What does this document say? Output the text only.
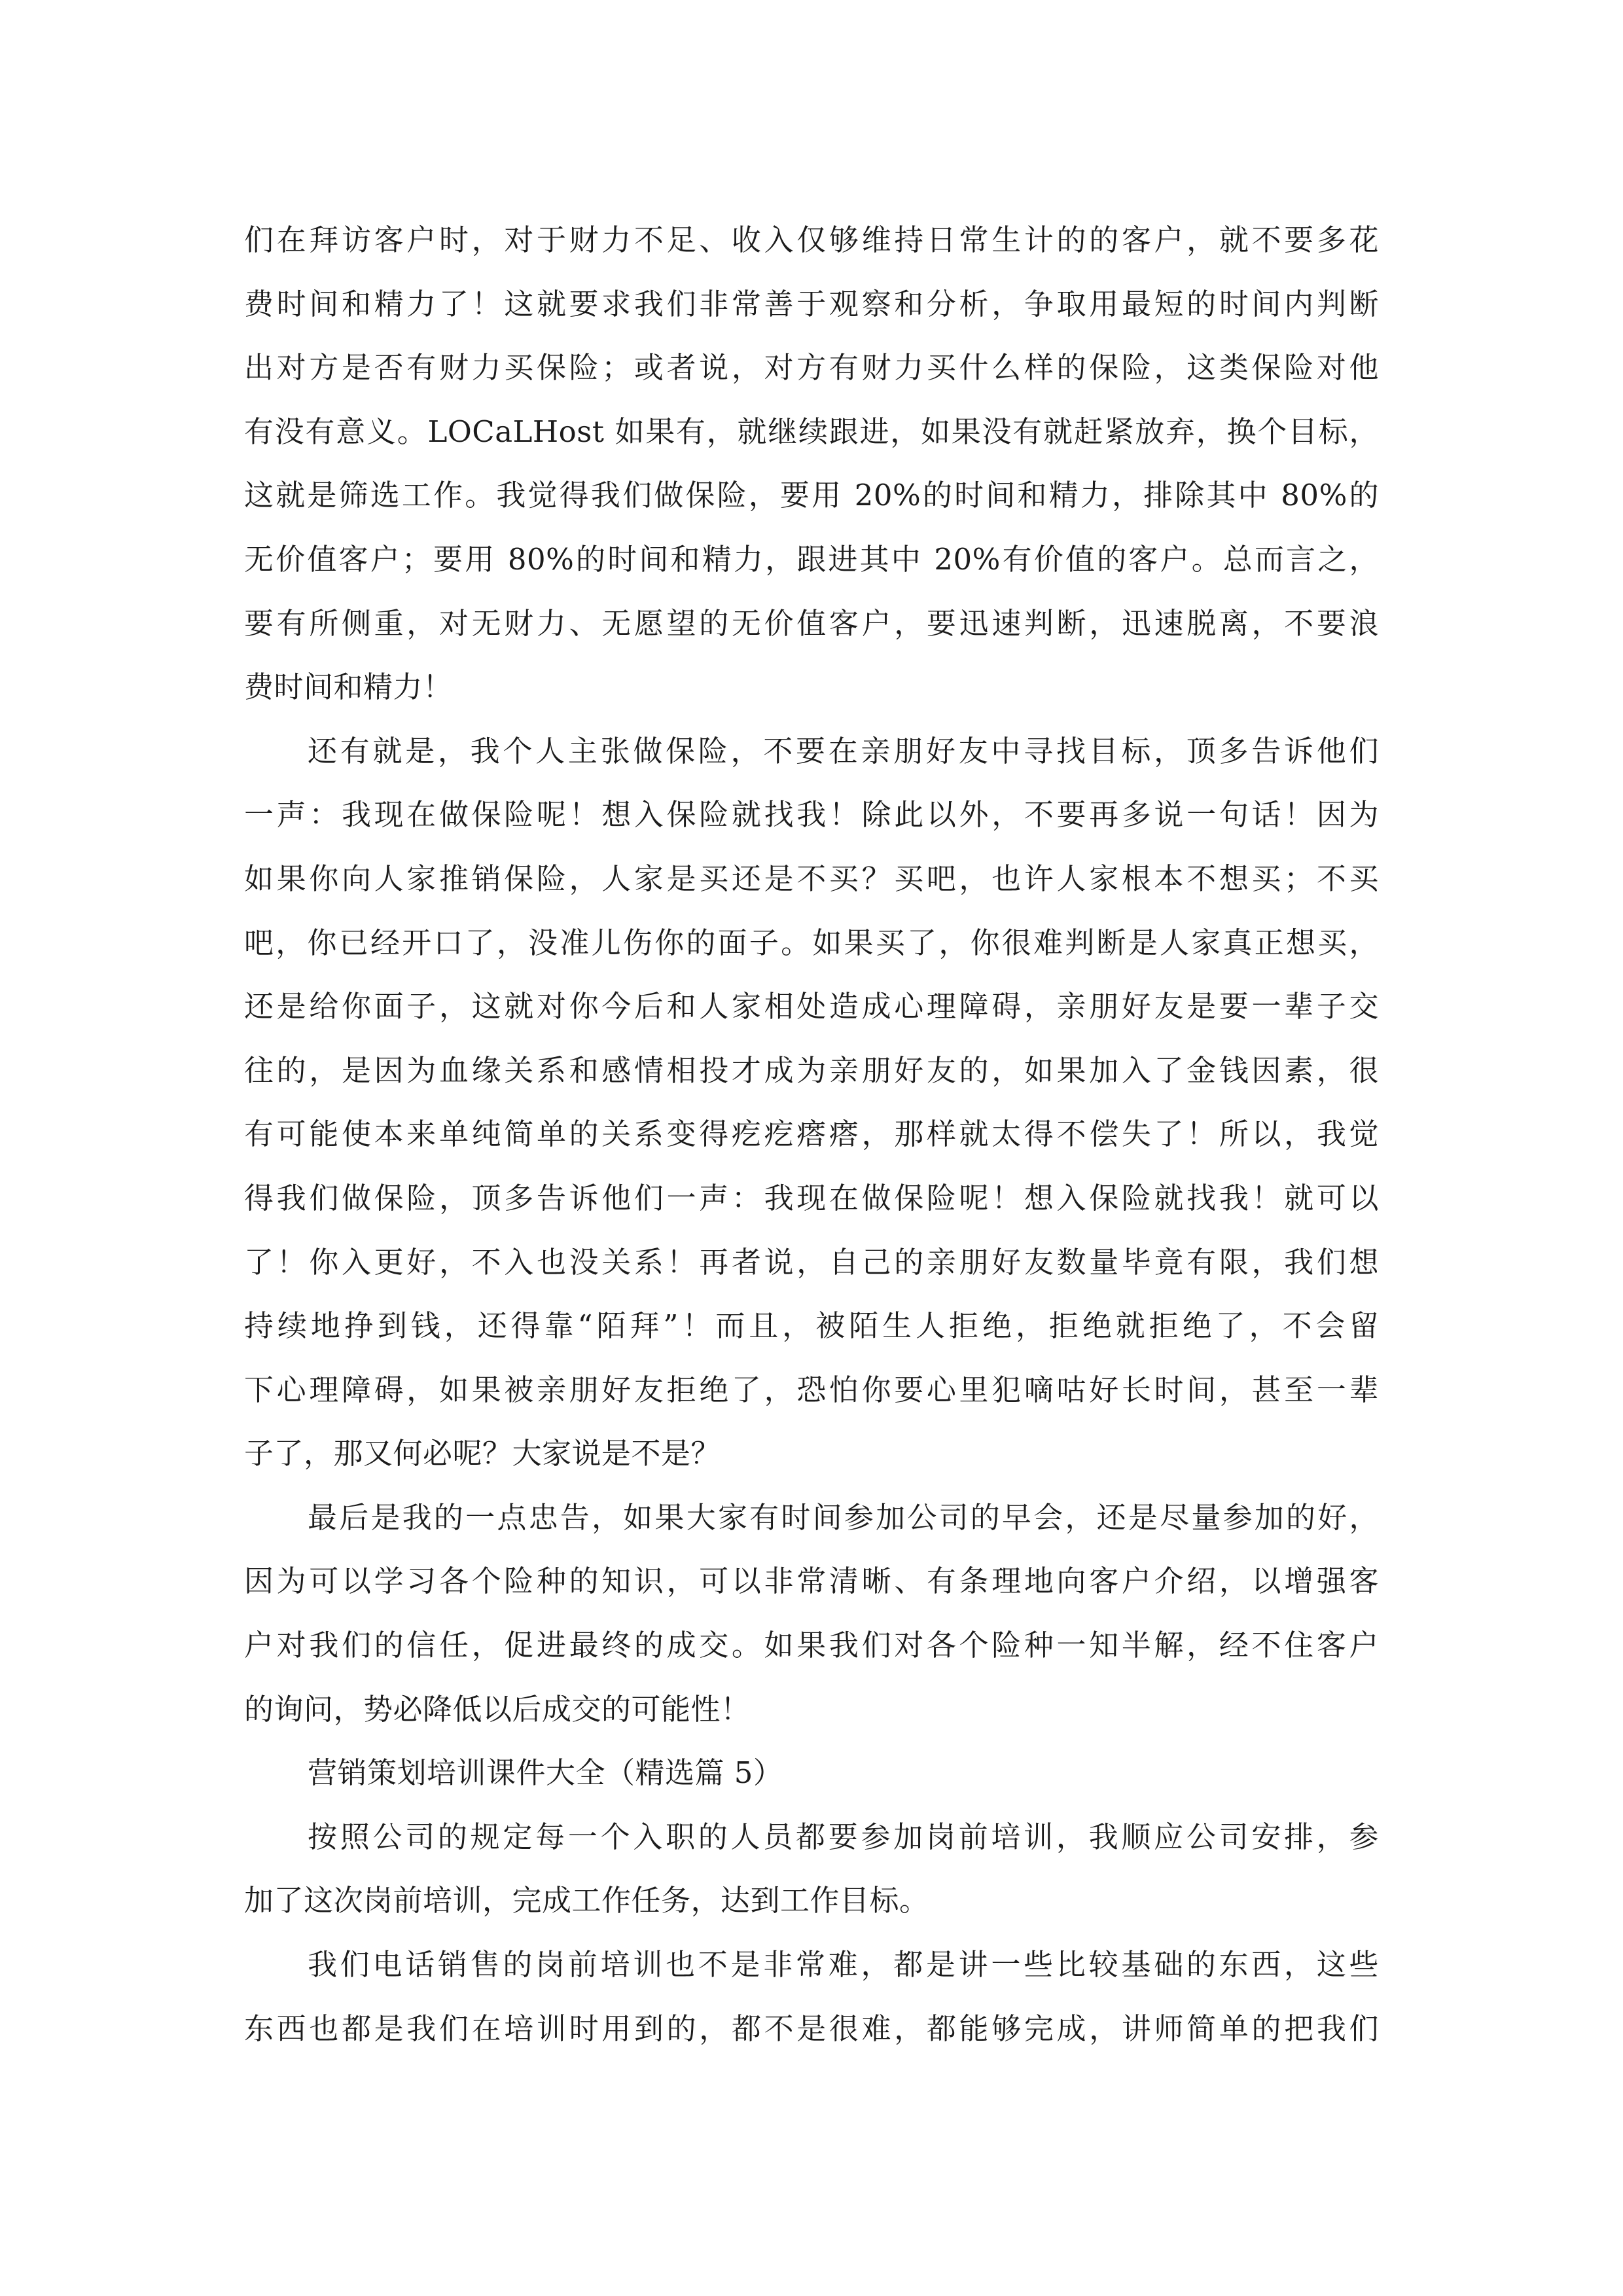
们在拜访客户时，对于财力不足、收入仅够维持日常生计的的客户，就不要多花
费时间和精力了！这就要求我们非常善于观察和分析，争取用最短的时间内判断
出对方是否有财力买保险；或者说，对方有财力买什么样的保险，这类保险对他
有没有意义。LOCaLHost 如果有，就继续跟进，如果没有就赶紧放弃，换个目标，
这就是筛选工作。我觉得我们做保险，要用 20%的时间和精力，排除其中 80%的
无价值客户；要用 80%的时间和精力，跟进其中 20%有价值的客户。总而言之，
要有所侧重，对无财力、无愿望的无价值客户，要迅速判断，迅速脱离，不要浪
费时间和精力！
还有就是，我个人主张做保险，不要在亲朋好友中寻找目标，顶多告诉他们
一声：我现在做保险呢！想入保险就找我！除此以外，不要再多说一句话！因为
如果你向人家推销保险，人家是买还是不买？买吧，也许人家根本不想买；不买
吧，你已经开口了，没准儿伤你的面子。如果买了，你很难判断是人家真正想买，
还是给你面子，这就对你今后和人家相处造成心理障碍，亲朋好友是要一辈子交
往的，是因为血缘关系和感情相投才成为亲朋好友的，如果加入了金钱因素，很
有可能使本来单纯简单的关系变得疙疙瘩瘩，那样就太得不偿失了！所以，我觉
得我们做保险，顶多告诉他们一声：我现在做保险呢！想入保险就找我！就可以
了！你入更好，不入也没关系！再者说，自己的亲朋好友数量毕竟有限，我们想
持续地挣到钱，还得靠“陌拜”！而且，被陌生人拒绝，拒绝就拒绝了，不会留
下心理障碍，如果被亲朋好友拒绝了，恐怕你要心里犯嘀咕好长时间，甚至一辈
子了，那又何必呢？大家说是不是？
最后是我的一点忠告，如果大家有时间参加公司的早会，还是尽量参加的好，
因为可以学习各个险种的知识，可以非常清晰、有条理地向客户介绍，以增强客
户对我们的信任，促进最终的成交。如果我们对各个险种一知半解，经不住客户
的询问，势必降低以后成交的可能性！
营销策划培训课件大全（精选篇 5）
按照公司的规定每一个入职的人员都要参加岗前培训，我顺应公司安排，参
加了这次岗前培训，完成工作任务，达到工作目标。
我们电话销售的岗前培训也不是非常难，都是讲一些比较基础的东西，这些
东西也都是我们在培训时用到的，都不是很难，都能够完成，讲师简单的把我们
